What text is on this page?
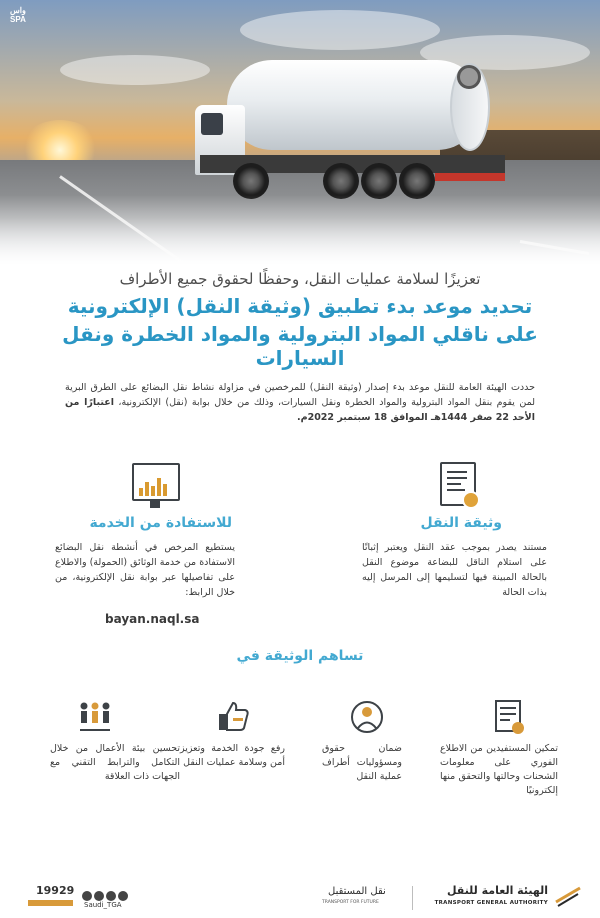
واس SPA
تعزيزًا لسلامة عمليات النقل، وحفظًا لحقوق جميع الأطراف
تحديد موعد بدء تطبيق (وثيقة النقل) الإلكترونية
على ناقلي المواد البترولية والمواد الخطرة ونقل السيارات
حددت الهيئة العامة للنقل موعد بدء إصدار (وثيقة النقل) للمرخصين في مزاولة نشاط نقل البضائع على الطرق البرية لمن يقوم بنقل المواد البترولية والمواد الخطرة ونقل السيارات، وذلك من خلال بوابة (نقل) الإلكترونية، اعتبارًا من الأحد 22 صفر 1444هـ الموافق 18 سبتمبر 2022م.
وثيقة النقل
مستند يصدر بموجب عقد النقل ويعتبر إثباتًا على استلام الناقل للبضاعة موضوع النقل بالحالة المبينة فيها لتسليمها إلى المرسل إليه بذات الحالة
للاستفادة من الخدمة
يستطيع المرخص في أنشطة نقل البضائع الاستفادة من خدمة الوثائق (الحمولة) والاطلاع على تفاصيلها عبر بوابة نقل الإلكترونية، من خلال الرابط:
bayan.naql.sa
تساهم الوثيقة في
تمكين المستفيدين من الاطلاع الفوري على معلومات الشحنات وحالتها والتحقق منها إلكترونيًا
ضمان حقوق ومسؤوليات أطراف عملية النقل
رفع جودة الخدمة وتعزيز أمن وسلامة عمليات النقل
تحسين بيئة الأعمال من خلال التكامل والترابط التقني مع الجهات ذات العلاقة
الهيئة العامة للنقل
TRANSPORT GENERAL AUTHORITY
نقل المستقبل
TRANSPORT FOR FUTURE
19929
Saudi_TGA
